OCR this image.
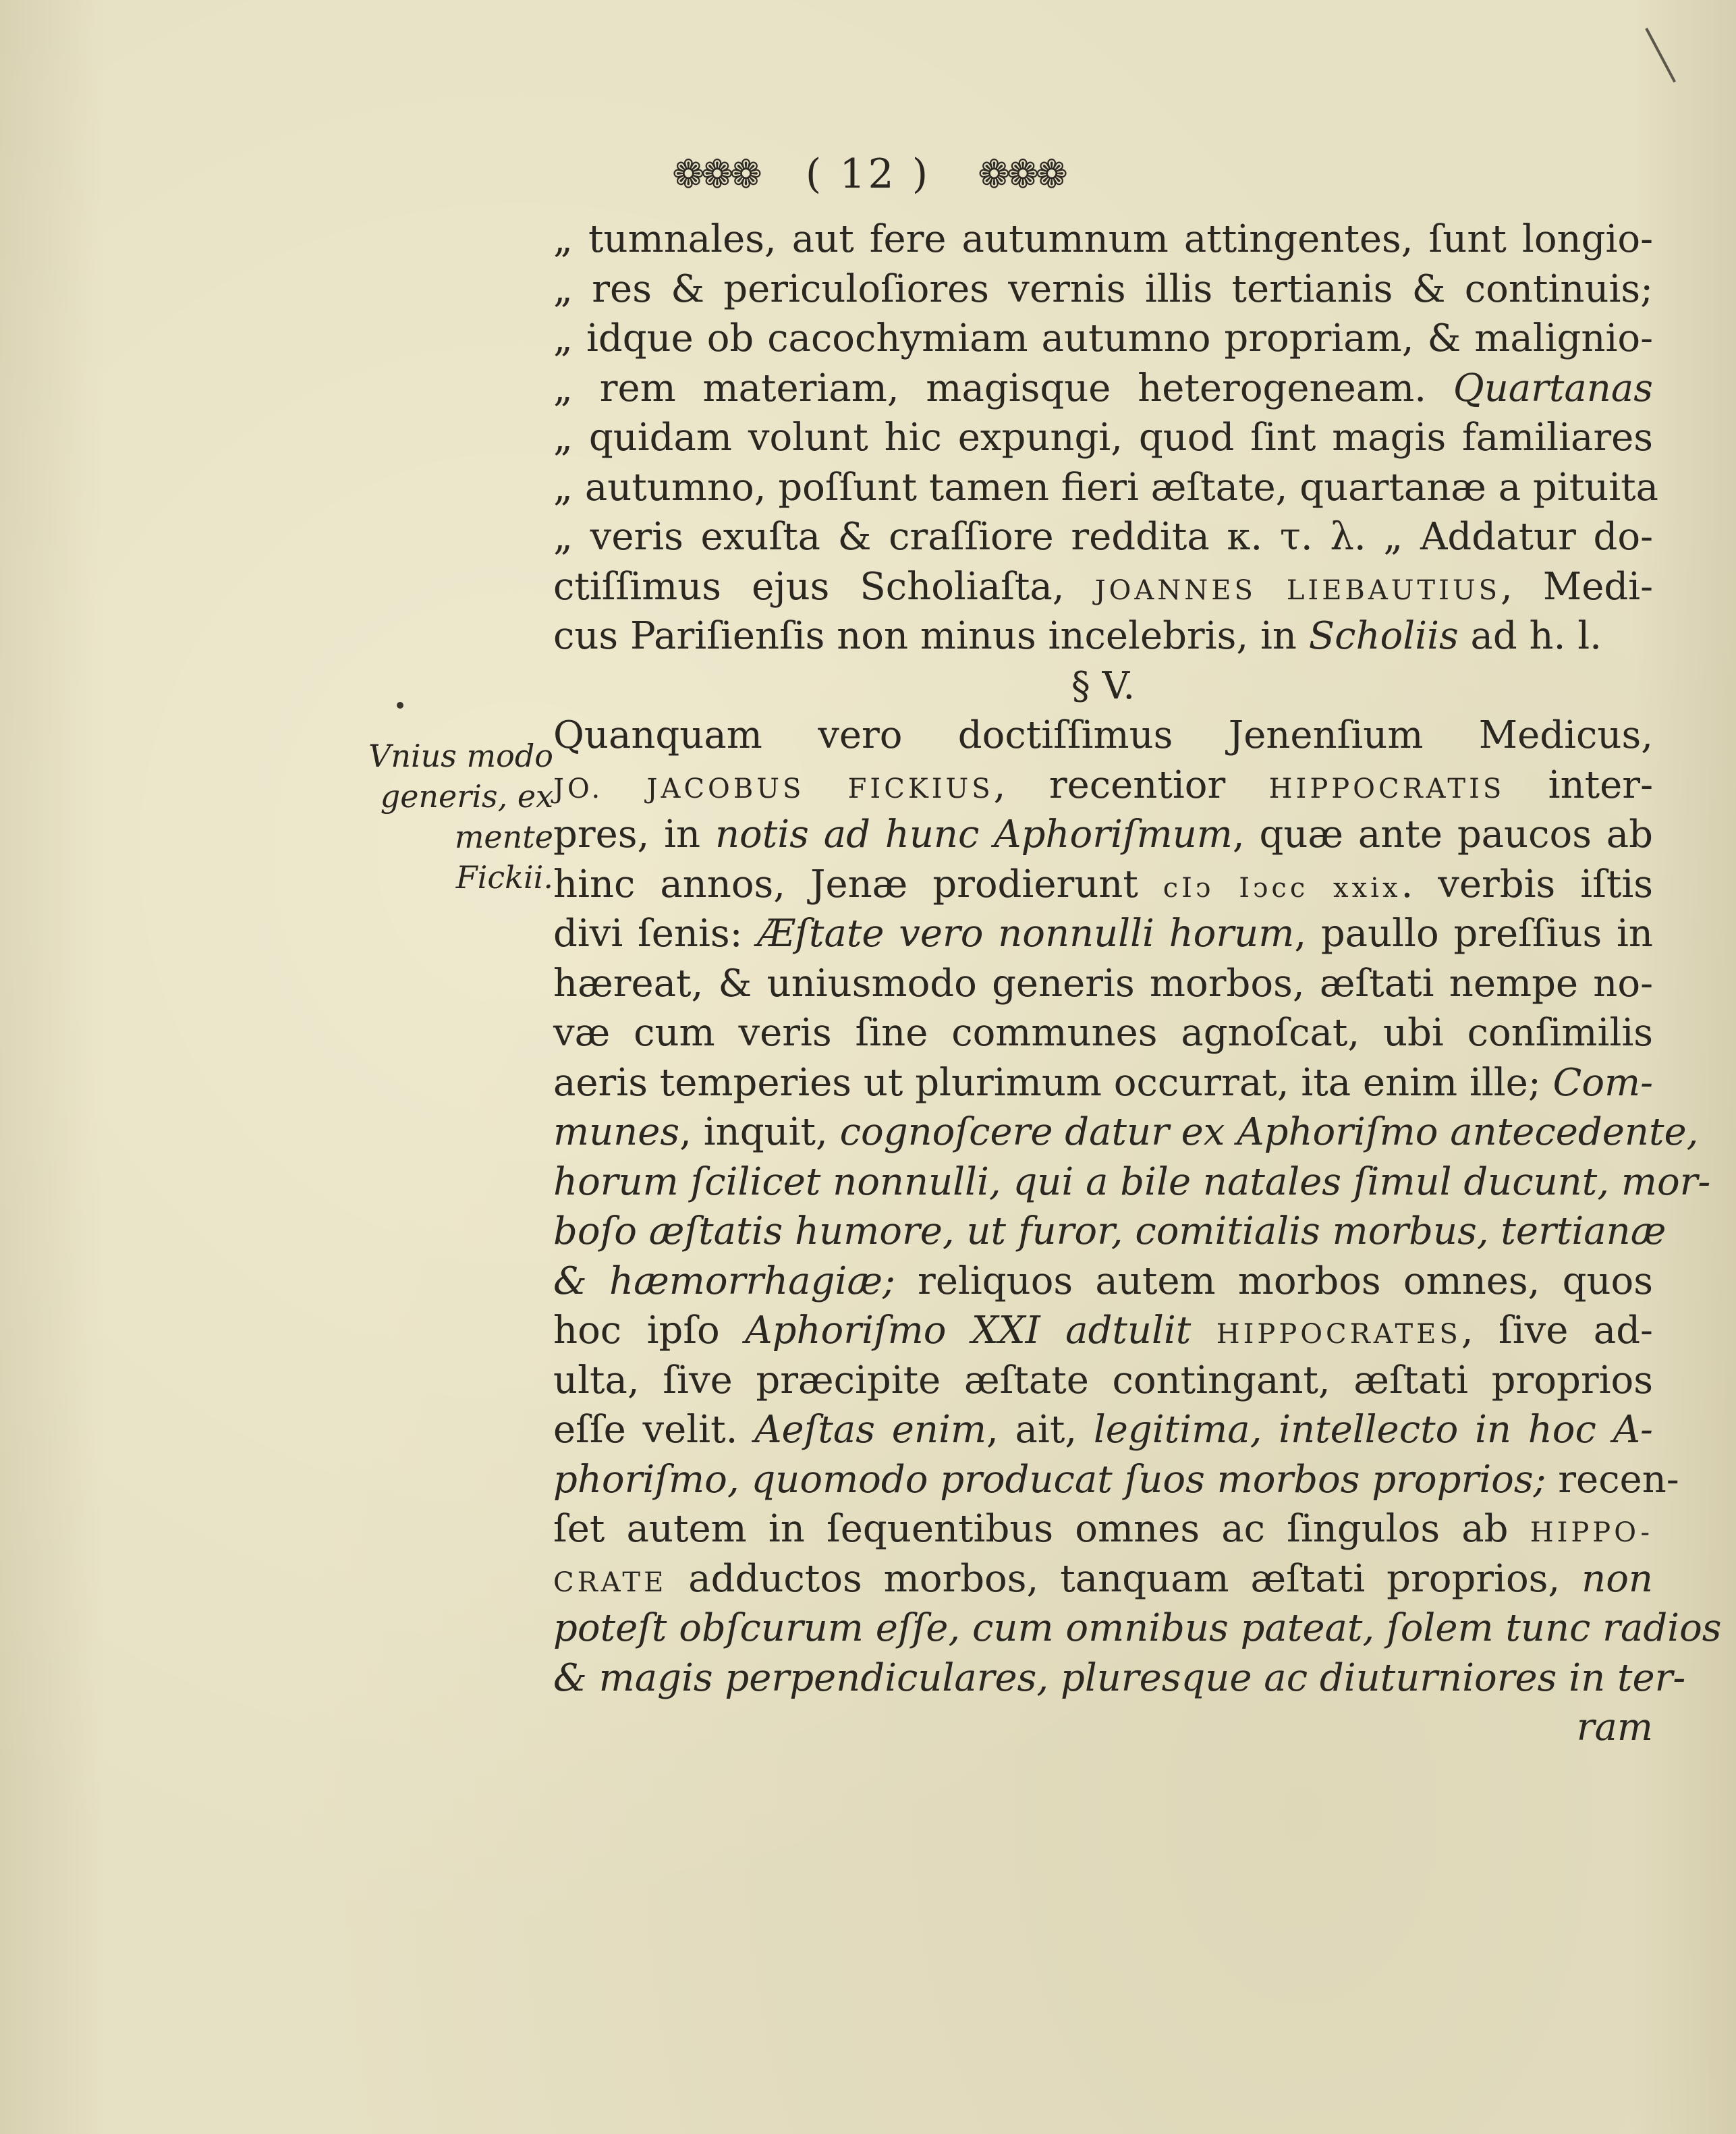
❁❁❁ ( 12 ) ❁❁❁
Vnius modo
generis, ex
mente Fickii.
„ tumnales, aut fere autumnum attingentes, ſunt longio-
„ res & periculoſiores vernis illis tertianis & continuis;
„ idque ob cacochymiam autumno propriam, & malignio-
„ rem materiam, magisque heterogeneam. Quartanas
„ quidam volunt hic expungi, quod ſint magis familiares
„ autumno, poſſunt tamen fieri æſtate, quartanæ a pituita
„ veris exuſta & craſſiore reddita κ. τ. λ. „ Addatur do-
ctiſſimus ejus Scholiaſta, JOANNES LIEBAUTIUS, Medi-
cus Pariſienſis non minus incelebris, in Scholiis ad h. l.
§ V.
Quanquam vero doctiſſimus Jenenſium Medicus,
JO. JACOBUS FICKIUS, recentior HIPPOCRATIS inter-
pres, in notis ad hunc Aphoriſmum, quæ ante paucos ab
hinc annos, Jenæ prodierunt cIↄ Iↄcc xxix. verbis iſtis
divi ſenis: Æſtate vero nonnulli horum, paullo preſſius in
hæreat, & uniusmodo generis morbos, æſtati nempe no-
væ cum veris ſine communes agnoſcat, ubi conſimilis
aeris temperies ut plurimum occurrat, ita enim ille; Com-
munes, inquit, cognoſcere datur ex Aphoriſmo antecedente,
horum ſcilicet nonnulli, qui a bile natales ſimul ducunt, mor-
boſo æſtatis humore, ut furor, comitialis morbus, tertianæ
& hæmorrhagiæ; reliquos autem morbos omnes, quos
hoc ipſo Aphoriſmo XXI adtulit HIPPOCRATES, ſive ad-
ulta, ſive præcipite æſtate contingant, æſtati proprios
eſſe velit. Aeſtas enim, ait, legitima, intellecto in hoc A-
phoriſmo, quomodo producat ſuos morbos proprios; recen-
ſet autem in ſequentibus omnes ac ſingulos ab HIPPO-
CRATE adductos morbos, tanquam æſtati proprios, non
poteſt obſcurum eſſe, cum omnibus pateat, ſolem tunc radios
& magis perpendiculares, pluresque ac diuturniores in ter-
ram
